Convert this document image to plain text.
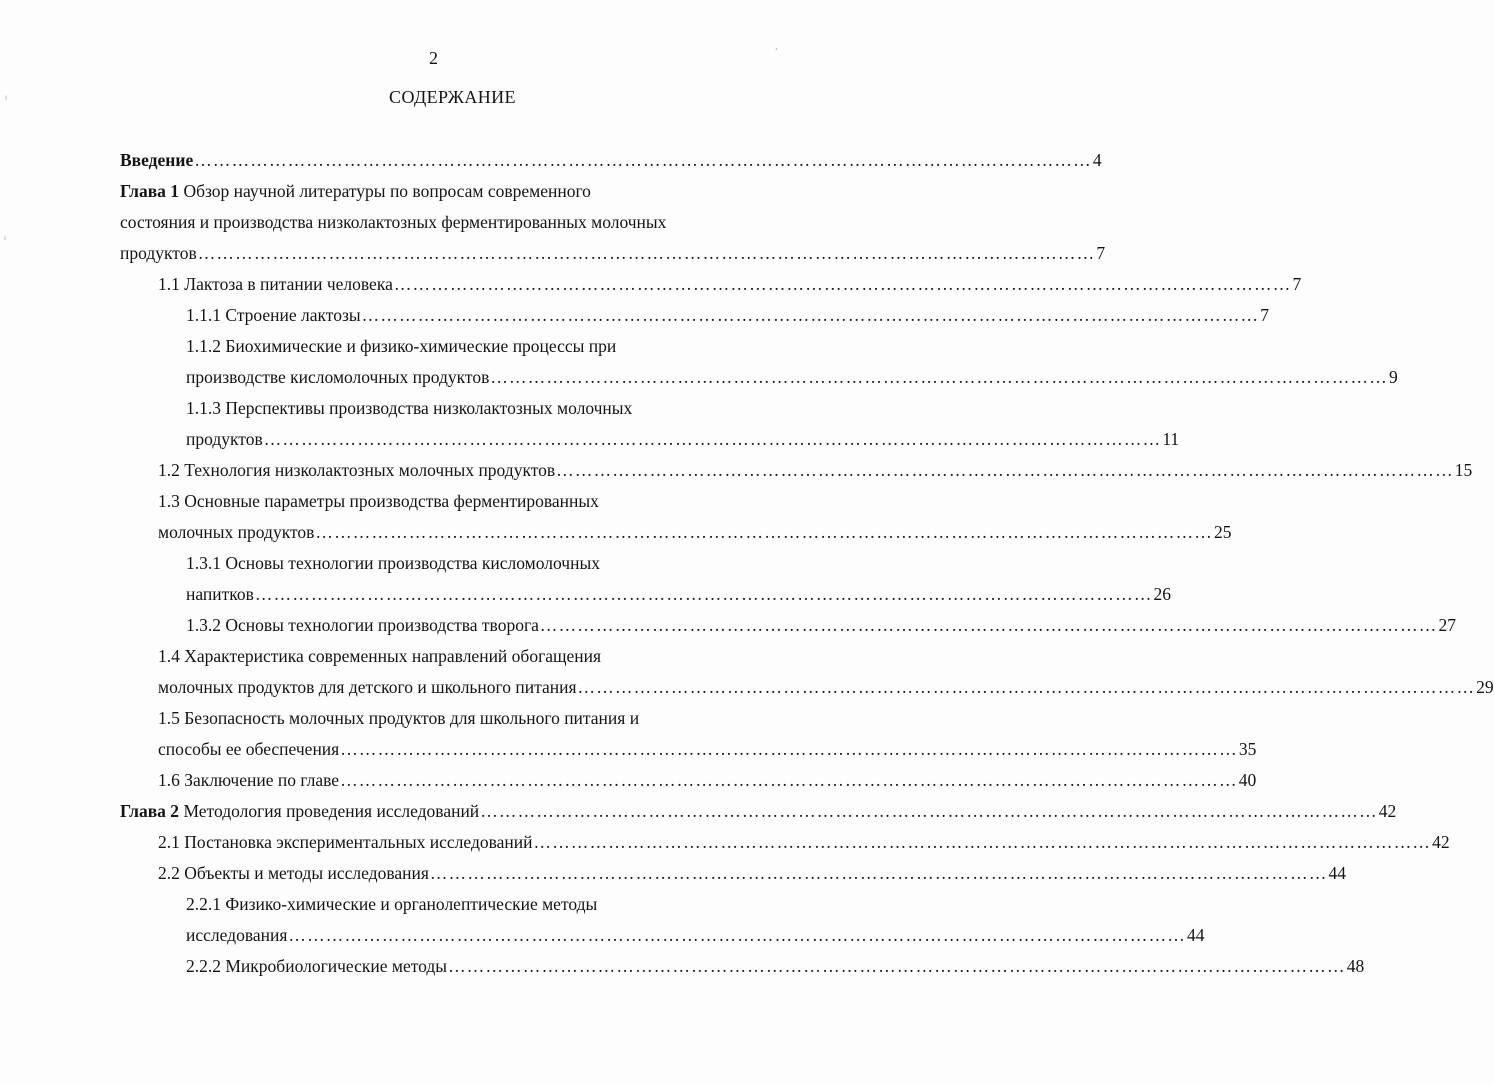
2
СОДЕРЖАНИЕ
Введение ……………………………………………………………………………………………………………………………… 4
Глава 1 Обзор научной литературы по вопросам современного
состояния и производства низколактозных ферментированных молочных
продуктов ……………………………………………………………………………………………………………………………… 7
1.1 Лактоза в питании человека ……………………………………………………………………………………………………………………………… 7
1.1.1 Строение лактозы ……………………………………………………………………………………………………………………………… 7
1.1.2 Биохимические и физико-химические процессы при
производстве кисломолочных продуктов ……………………………………………………………………………………………………………………………… 9
1.1.3 Перспективы производства низколактозных молочных
продуктов ……………………………………………………………………………………………………………………………… 11
1.2 Технология низколактозных молочных продуктов ……………………………………………………………………………………………………………………………… 15
1.3 Основные параметры производства ферментированных
молочных продуктов ……………………………………………………………………………………………………………………………… 25
1.3.1 Основы технологии производства кисломолочных
напитков ……………………………………………………………………………………………………………………………… 26
1.3.2 Основы технологии производства творога ……………………………………………………………………………………………………………………………… 27
1.4 Характеристика современных направлений обогащения
молочных продуктов для детского и школьного питания ……………………………………………………………………………………………………………………………… 29
1.5 Безопасность молочных продуктов для школьного питания и
способы ее обеспечения ……………………………………………………………………………………………………………………………… 35
1.6 Заключение по главе ……………………………………………………………………………………………………………………………… 40
Глава 2 Методология проведения исследований ……………………………………………………………………………………………………………………………… 42
2.1 Постановка экспериментальных исследований ……………………………………………………………………………………………………………………………… 42
2.2 Объекты и методы исследования ……………………………………………………………………………………………………………………………… 44
2.2.1 Физико-химические и органолептические методы
исследования ……………………………………………………………………………………………………………………………… 44
2.2.2 Микробиологические методы ……………………………………………………………………………………………………………………………… 48
ⁱ
ⁱ
⸳
